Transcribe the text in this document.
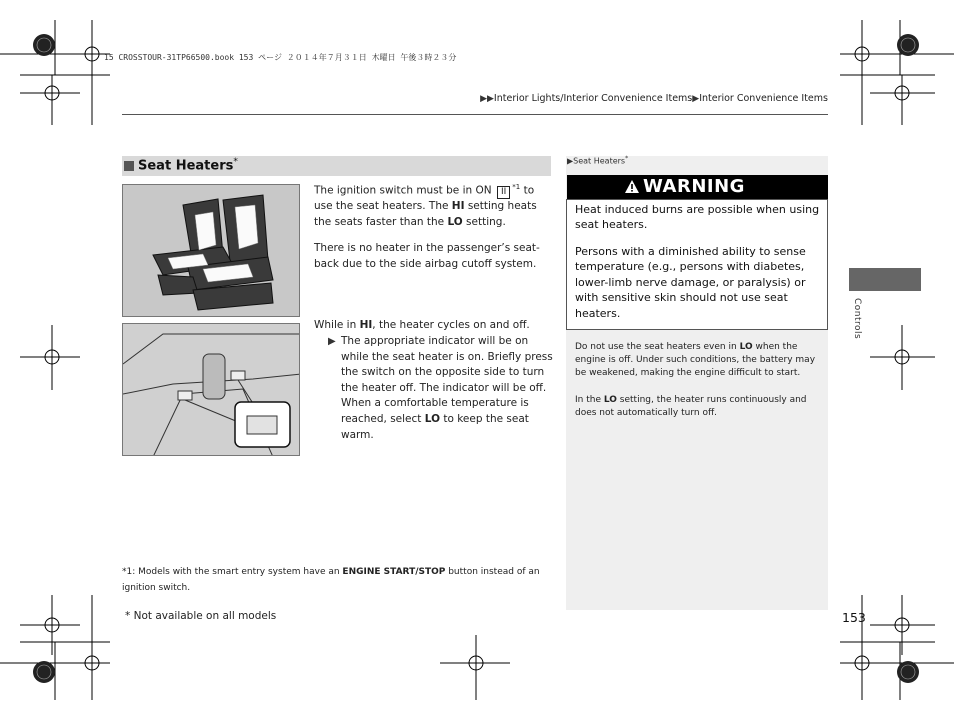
15 CROSSTOUR-31TP66500.book 153 ページ ２０１４年７月３１日 木曜日 午後３時２３分
▶▶Interior Lights/Interior Convenience Items▶Interior Convenience Items
Seat Heaters*
The ignition switch must be in ON II $^{*1}$ to use the seat heaters. The HI setting heats the seats faster than the LO setting.
There is no heater in the passenger’s seat-back due to the side airbag cutoff system.
While in HI, the heater cycles on and off.
▶ The appropriate indicator will be on while the seat heater is on. Briefly press the switch on the opposite side to turn the heater off. The indicator will be off. When a comfortable temperature is reached, select LO to keep the seat warm.
*1: Models with the smart entry system have an ENGINE START/STOP button instead of an ignition switch.
* Not available on all models
▶Seat Heaters*
WARNING
Heat induced burns are possible when using seat heaters.
Persons with a diminished ability to sense temperature (e.g., persons with diabetes, lower-limb nerve damage, or paralysis) or with sensitive skin should not use seat heaters.
Do not use the seat heaters even in LO when the engine is off. Under such conditions, the battery may be weakened, making the engine difficult to start.
In the LO setting, the heater runs continuously and does not automatically turn off.
Controls
153
